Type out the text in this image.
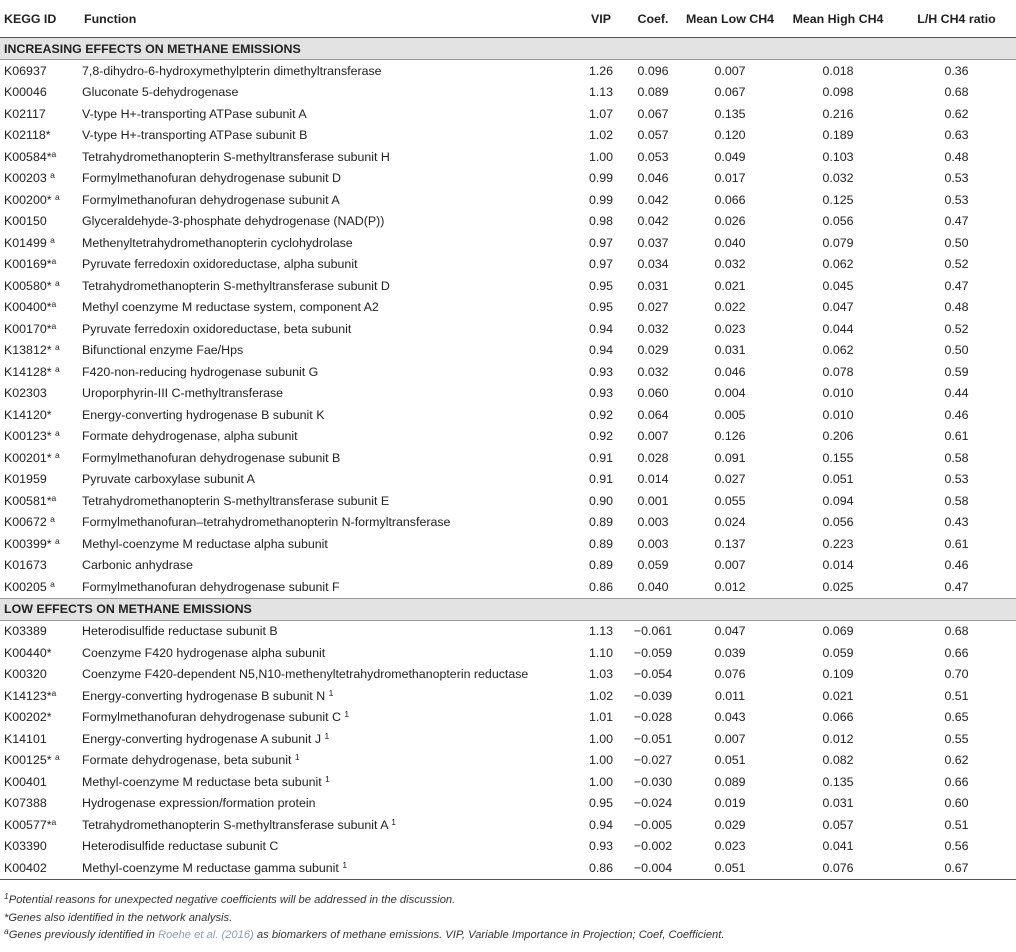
KEGG ID	Function	VIP	Coef.	Mean Low CH4	Mean High CH4	L/H CH4 ratio
INCREASING EFFECTS ON METHANE EMISSIONS						
K06937	7,8-dihydro-6-hydroxymethylpterin dimethyltransferase	1.26	0.096	0.007	0.018	0.36
K00046	Gluconate 5-dehydrogenase	1.13	0.089	0.067	0.098	0.68
K02117	V-type H+-transporting ATPase subunit A	1.07	0.067	0.135	0.216	0.62
K02118*	V-type H+-transporting ATPase subunit B	1.02	0.057	0.120	0.189	0.63
K00584*$^a$	Tetrahydromethanopterin S-methyltransferase subunit H	1.00	0.053	0.049	0.103	0.48
K00203 $^a$	Formylmethanofuran dehydrogenase subunit D	0.99	0.046	0.017	0.032	0.53
K00200* $^a$	Formylmethanofuran dehydrogenase subunit A	0.99	0.042	0.066	0.125	0.53
K00150	Glyceraldehyde-3-phosphate dehydrogenase (NAD(P))	0.98	0.042	0.026	0.056	0.47
K01499 $^a$	Methenyltetrahydromethanopterin cyclohydrolase	0.97	0.037	0.040	0.079	0.50
K00169*$^a$	Pyruvate ferredoxin oxidoreductase, alpha subunit	0.97	0.034	0.032	0.062	0.52
K00580* $^a$	Tetrahydromethanopterin S-methyltransferase subunit D	0.95	0.031	0.021	0.045	0.47
K00400*$^a$	Methyl coenzyme M reductase system, component A2	0.95	0.027	0.022	0.047	0.48
K00170*$^a$	Pyruvate ferredoxin oxidoreductase, beta subunit	0.94	0.032	0.023	0.044	0.52
K13812* $^a$	Bifunctional enzyme Fae/Hps	0.94	0.029	0.031	0.062	0.50
K14128* $^a$	F420-non-reducing hydrogenase subunit G	0.93	0.032	0.046	0.078	0.59
K02303	Uroporphyrin-III C-methyltransferase	0.93	0.060	0.004	0.010	0.44
K14120*	Energy-converting hydrogenase B subunit K	0.92	0.064	0.005	0.010	0.46
K00123* $^a$	Formate dehydrogenase, alpha subunit	0.92	0.007	0.126	0.206	0.61
K00201* $^a$	Formylmethanofuran dehydrogenase subunit B	0.91	0.028	0.091	0.155	0.58
K01959	Pyruvate carboxylase subunit A	0.91	0.014	0.027	0.051	0.53
K00581*$^a$	Tetrahydromethanopterin S-methyltransferase subunit E	0.90	0.001	0.055	0.094	0.58
K00672 $^a$	Formylmethanofuran–tetrahydromethanopterin N-formyltransferase	0.89	0.003	0.024	0.056	0.43
K00399* $^a$	Methyl-coenzyme M reductase alpha subunit	0.89	0.003	0.137	0.223	0.61
K01673	Carbonic anhydrase	0.89	0.059	0.007	0.014	0.46
K00205 $^a$	Formylmethanofuran dehydrogenase subunit F	0.86	0.040	0.012	0.025	0.47
LOW EFFECTS ON METHANE EMISSIONS						
K03389	Heterodisulfide reductase subunit B	1.13	−0.061	0.047	0.069	0.68
K00440*	Coenzyme F420 hydrogenase alpha subunit	1.10	−0.059	0.039	0.059	0.66
K00320	Coenzyme F420-dependent N5,N10-methenyltetrahydromethanopterin reductase	1.03	−0.054	0.076	0.109	0.70
K14123*$^a$	Energy-converting hydrogenase B subunit N $^1$	1.02	−0.039	0.011	0.021	0.51
K00202*	Formylmethanofuran dehydrogenase subunit C $^1$	1.01	−0.028	0.043	0.066	0.65
K14101	Energy-converting hydrogenase A subunit J $^1$	1.00	−0.051	0.007	0.012	0.55
K00125* $^a$	Formate dehydrogenase, beta subunit $^1$	1.00	−0.027	0.051	0.082	0.62
K00401	Methyl-coenzyme M reductase beta subunit $^1$	1.00	−0.030	0.089	0.135	0.66
K07388	Hydrogenase expression/formation protein	0.95	−0.024	0.019	0.031	0.60
K00577*$^a$	Tetrahydromethanopterin S-methyltransferase subunit A $^1$	0.94	−0.005	0.029	0.057	0.51
K03390	Heterodisulfide reductase subunit C	0.93	−0.002	0.023	0.041	0.56
K00402	Methyl-coenzyme M reductase gamma subunit $^1$	0.86	−0.004	0.051	0.076	0.67
$^1$Potential reasons for unexpected negative coefficients will be addressed in the discussion.
*Genes also identified in the network analysis.
$^a$Genes previously identified in Roehe et al. (2016) as biomarkers of methane emissions. VIP, Variable Importance in Projection; Coef, Coefficient.
